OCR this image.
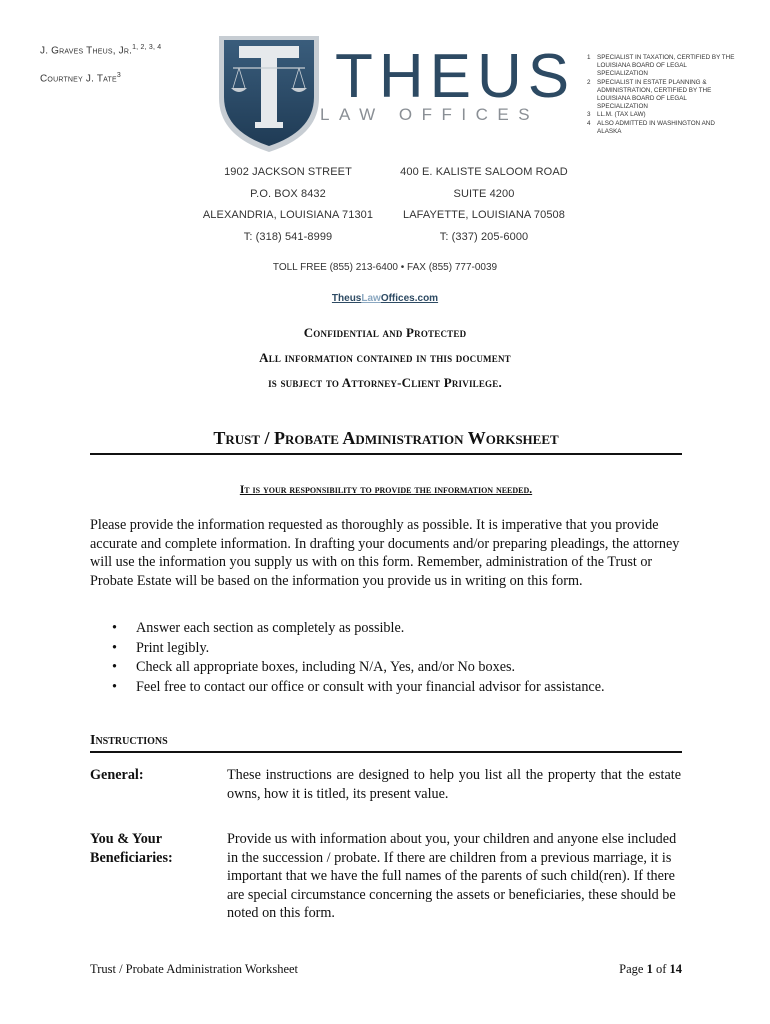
J. Graves Theus, Jr.$^{1, 2, 3, 4}$
Courtney J. Tate$^3$	THEUS
LAW OFFICES
1	SPECIALIST IN TAXATION, CERTIFIED BY THE LOUISIANA BOARD OF LEGAL SPECIALIZATION
2	SPECIALIST IN ESTATE PLANNING & ADMINISTRATION, CERTIFIED BY THE LOUISIANA BOARD OF LEGAL SPECIALIZATION
3	LL.M. (TAX LAW)
4	ALSO ADMITTED IN WASHINGTON AND ALASKA
1902 JACKSON STREET
P.O. BOX 8432
ALEXANDRIA, LOUISIANA 71301
T: (318) 541-8999
400 E. KALISTE SALOOM ROAD
SUITE 4200
LAFAYETTE, LOUISIANA 70508
T: (337) 205-6000
TOLL FREE (855) 213-6400 • FAX (855) 777-0039
TheusLawOffices.com
Confidential and Protected
All information contained in this document
is subject to Attorney-Client Privilege.
Trust / Probate Administration Worksheet
It is your responsibility to provide the information needed.
Please provide the information requested as thoroughly as possible. It is imperative that you provide accurate and complete information. In drafting your documents and/or preparing pleadings, the attorney will use the information you supply us with on this form. Remember, administration of the Trust or Probate Estate will be based on the information you provide us in writing on this form.
• Answer each section as completely as possible.
• Print legibly.
• Check all appropriate boxes, including N/A, Yes, and/or No boxes.
• Feel free to contact our office or consult with your financial advisor for assistance.
Instructions
General:	These instructions are designed to help you list all the property that the estate owns, how it is titled, its present value.
You & Your Beneficiaries:
Provide us with information about you, your children and anyone else included in the succession / probate. If there are children from a previous marriage, it is important that we have the full names of the parents of such child(ren). If there are special circumstance concerning the assets or beneficiaries, these should be noted on this form.
Trust / Probate Administration Worksheet	Page 1 of 14
